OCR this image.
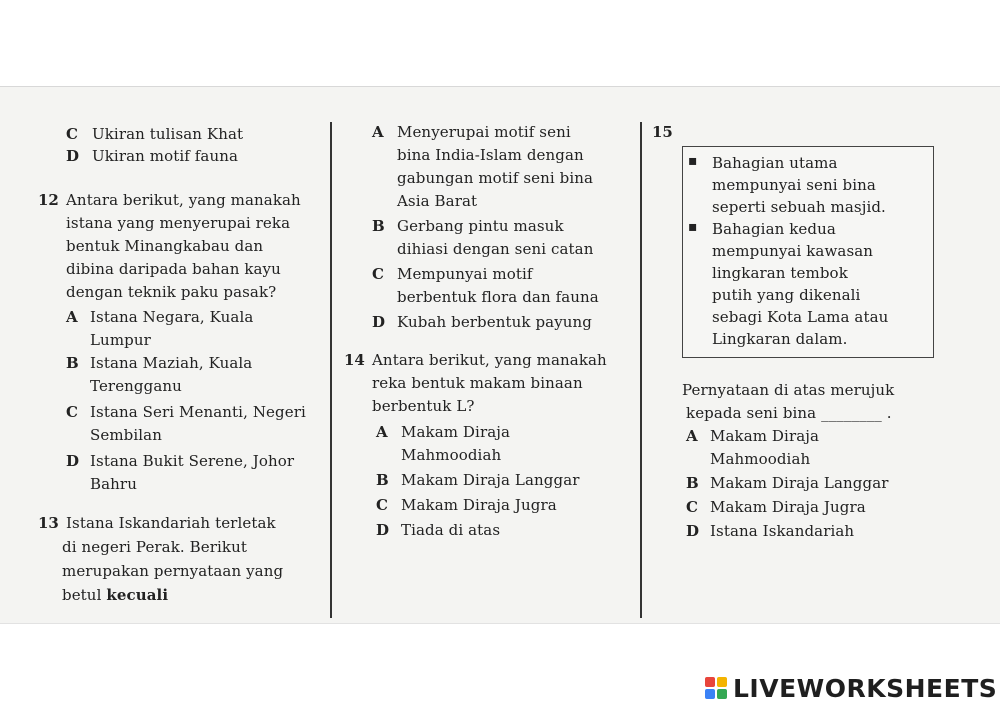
C Ukiran tulisan Khat
D Ukiran motif fauna
12 Antara berikut, yang manakah
istana yang menyerupai reka
bentuk Minangkabau dan
dibina daripada bahan kayu
dengan teknik paku pasak?
A Istana Negara, Kuala
Lumpur
B Istana Maziah, Kuala
Terengganu
C Istana Seri Menanti, Negeri
Sembilan
D Istana Bukit Serene, Johor
Bahru
13 Istana Iskandariah terletak
di negeri Perak. Berikut
merupakan pernyataan yang
betul kecuali
A Menyerupai motif seni
bina India-Islam dengan
gabungan motif seni bina
Asia Barat
B Gerbang pintu masuk
dihiasi dengan seni catan
C Mempunyai motif
berbentuk flora dan fauna
D Kubah berbentuk payung
14 Antara berikut, yang manakah
reka bentuk makam binaan
berbentuk L?
A Makam Diraja
Mahmoodiah
B Makam Diraja Langgar
C Makam Diraja Jugra
D Tiada di atas
15
▪ Bahagian utama
mempunyai seni bina
seperti sebuah masjid.
▪ Bahagian kedua
mempunyai kawasan
lingkaran tembok
putih yang dikenali
sebagi Kota Lama atau
Lingkaran dalam.
Pernyataan di atas merujuk
kepada seni bina ________ .
A Makam Diraja
Mahmoodiah
B Makam Diraja Langgar
C Makam Diraja Jugra
D Istana Iskandariah
LIVEWORKSHEETS
